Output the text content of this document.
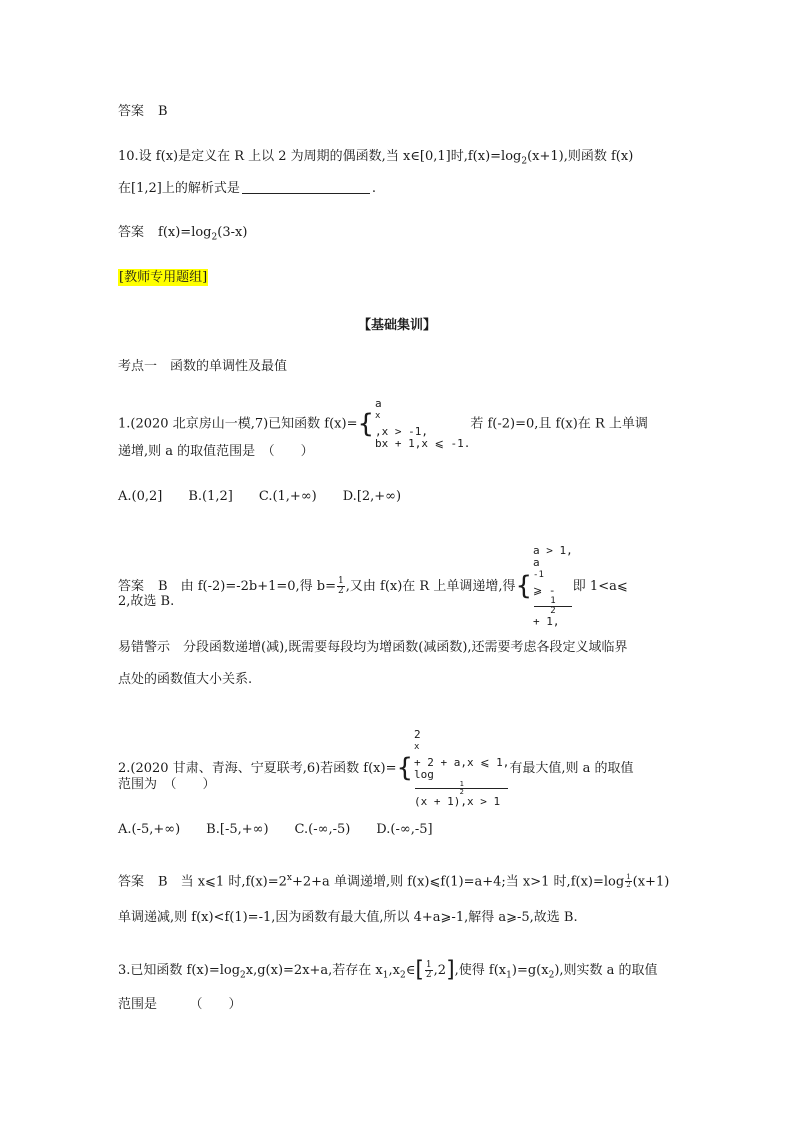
答案 B
10.设 f(x)是定义在 R 上以 2 为周期的偶函数,当 x∈[0,1]时$,f(x)=\log_2(x+1)$,则函数 f(x)
在[1,2]上的解析式是	.
答案 $f(x)=\log_2(3-x)$
[教师专用题组]
【基础集训】
考点一　函数的单调性及最值
1.(2020 北京房山一模,7)已知函数 f(x)={
a
$^x$
,x > -1,
bx + 1,x ⩽ -1.
若 f(-2)=0,且 f(x)在 R 上单调
递增,则 a 的取值范围是　（　　）
A.(0,2]　　B.(1,2]　　C.(1,+∞)　　D.[2,+∞)
答案 B　由 f(-2)=-2b+1=0,得 $b= \frac{1}{2}$ ,又由 f(x)在 R 上单调递增,得{
a > 1,
a
$^{-1}$
⩾ -
1
2
+ 1,
即 1<a⩽
2,故选 B.
易错警示　分段函数递增(减),既需要每段均为增函数(减函数),还需要考虑各段定义域临界
点处的函数值大小关系.
2.(2020 甘肃、青海、宁夏联考,6)若函数 f(x)={
2
$^x$
+ 2 + a,x ⩽ 1,
log
1
2
(x + 1),x > 1
有最大值,则 a 的取值
范围为　（　　）
A.(-5,+∞)　　B.[-5,+∞)　　C.(-∞,-5)　　D.(-∞,-5]
答案 B　当 x⩽1 时$,f(x)=2^x+2+a$ 单调递增,则 f(x)⩽f(1)=a+4;当 x>1 时$,f(x)=\log \frac{1}{2} (x+1)$
单调递减,则 f(x)<f(1)=-1,因为函数有最大值,所以 4+a⩾-1,解得 a⩾-5,故选 B.
3.已知函数 $f(x)=\log_2x,g(x)=2x+a$,若存在 $x_1,x_2\in[ \frac{1}{2} ,2]$,使得 $f(x_1)=g(x_2)$,则实数 a 的取值
范围是　　　（　　）
